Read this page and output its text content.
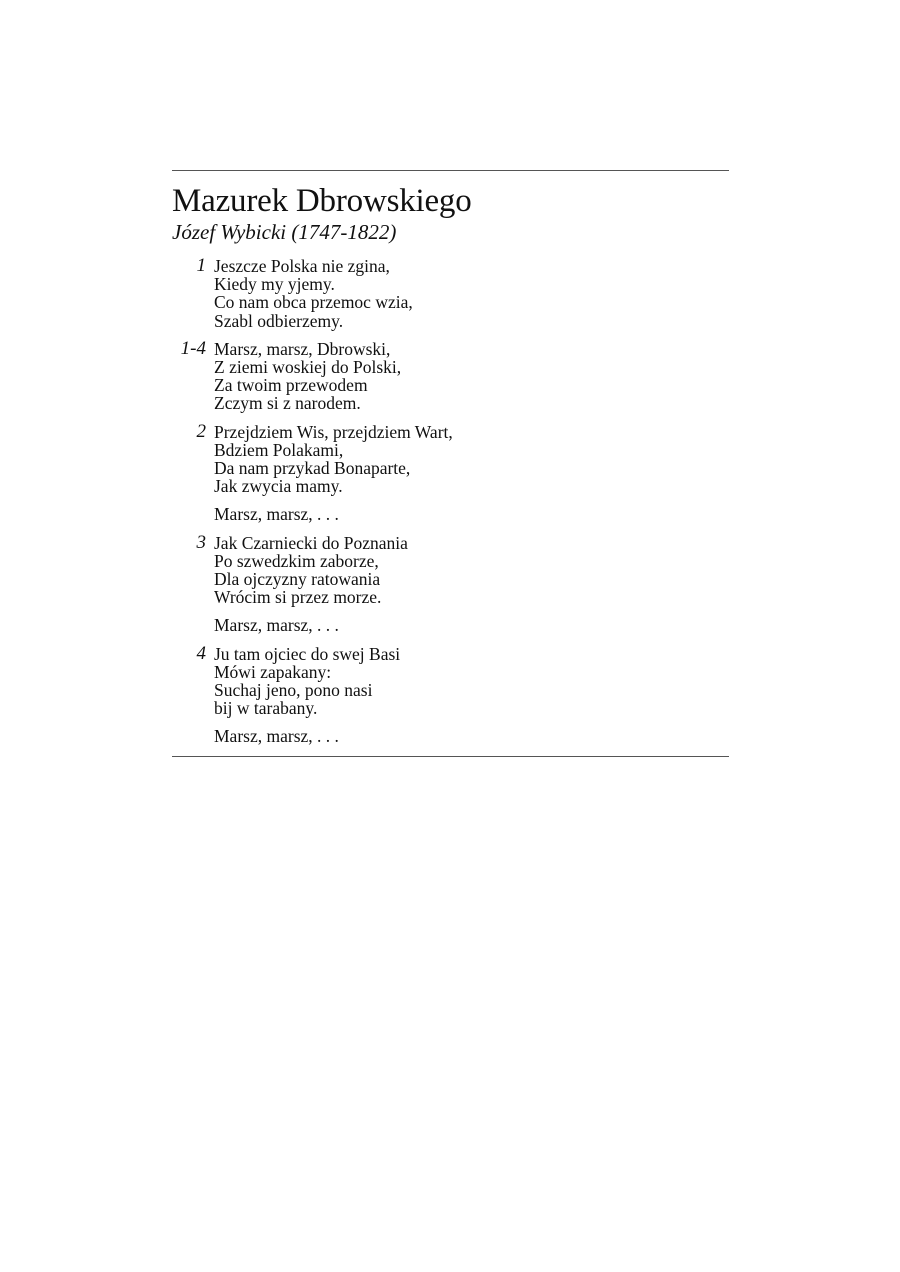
Mazurek Dbrowskiego
Józef Wybicki (1747-1822)
1 Jeszcze Polska nie zgina,
Kiedy my yjemy.
Co nam obca przemoc wzia,
Szabl odbierzemy.
1-4 Marsz, marsz, Dbrowski,
Z ziemi woskiej do Polski,
Za twoim przewodem
Zczym si z narodem.
2 Przejdziem Wis, przejdziem Wart,
Bdziem Polakami,
Da nam przykad Bonaparte,
Jak zwycia mamy.
Marsz, marsz, . . .
3 Jak Czarniecki do Poznania
Po szwedzkim zaborze,
Dla ojczyzny ratowania
Wrócim si przez morze.
Marsz, marsz, . . .
4 Ju tam ojciec do swej Basi
Mówi zapakany:
Suchaj jeno, pono nasi
bij w tarabany.
Marsz, marsz, . . .
